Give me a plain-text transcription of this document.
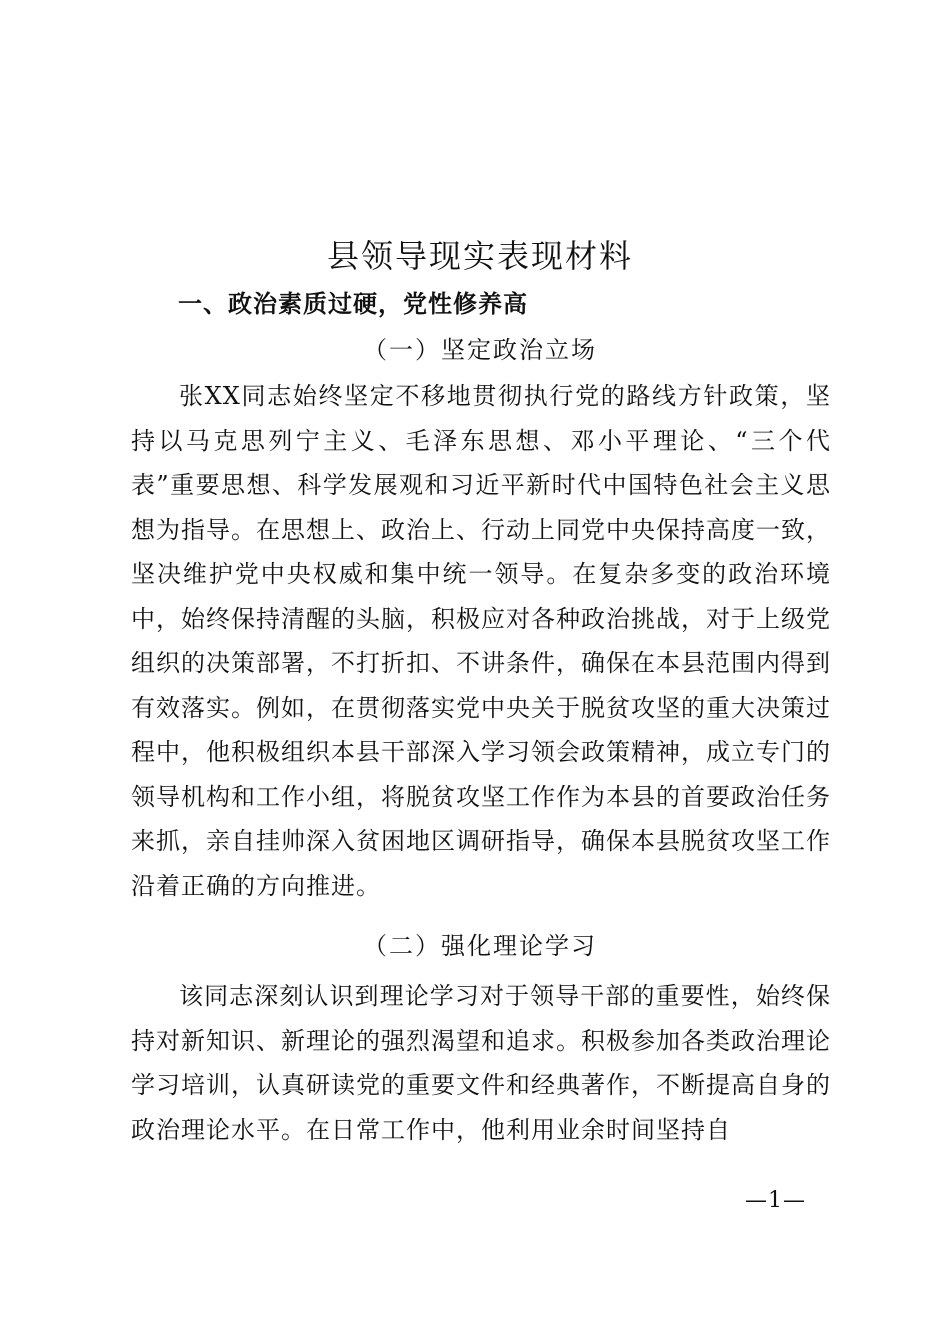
县领导现实表现材料
一、政治素质过硬，党性修养高
（一）坚定政治立场

张XX同志始终坚定不移地贯彻执行党的路线方针政策，坚持以马克思列宁主义、毛泽东思想、邓小平理论、“三个代表”重要思想、科学发展观和习近平新时代中国特色社会主义思想为指导。在思想上、政治上、行动上同党中央保持高度一致，坚决维护党中央权威和集中统一领导。在复杂多变的政治环境中，始终保持清醒的头脑，积极应对各种政治挑战，对于上级党组织的决策部署，不打折扣、不讲条件，确保在本县范围内得到有效落实。例如，在贯彻落实党中央关于脱贫攻坚的重大决策过程中，他积极组织本县干部深入学习领会政策精神，成立专门的领导机构和工作小组，将脱贫攻坚工作作为本县的首要政治任务来抓，亲自挂帅深入贫困地区调研指导，确保本县脱贫攻坚工作沿着正确的方向推进。

（二）强化理论学习

该同志深刻认识到理论学习对于领导干部的重要性，始终保持对新知识、新理论的强烈渴望和追求。积极参加各类政治理论学习培训，认真研读党的重要文件和经典著作，不断提高自身的政治理论水平。在日常工作中，他利用业余时间坚持自

—1—
